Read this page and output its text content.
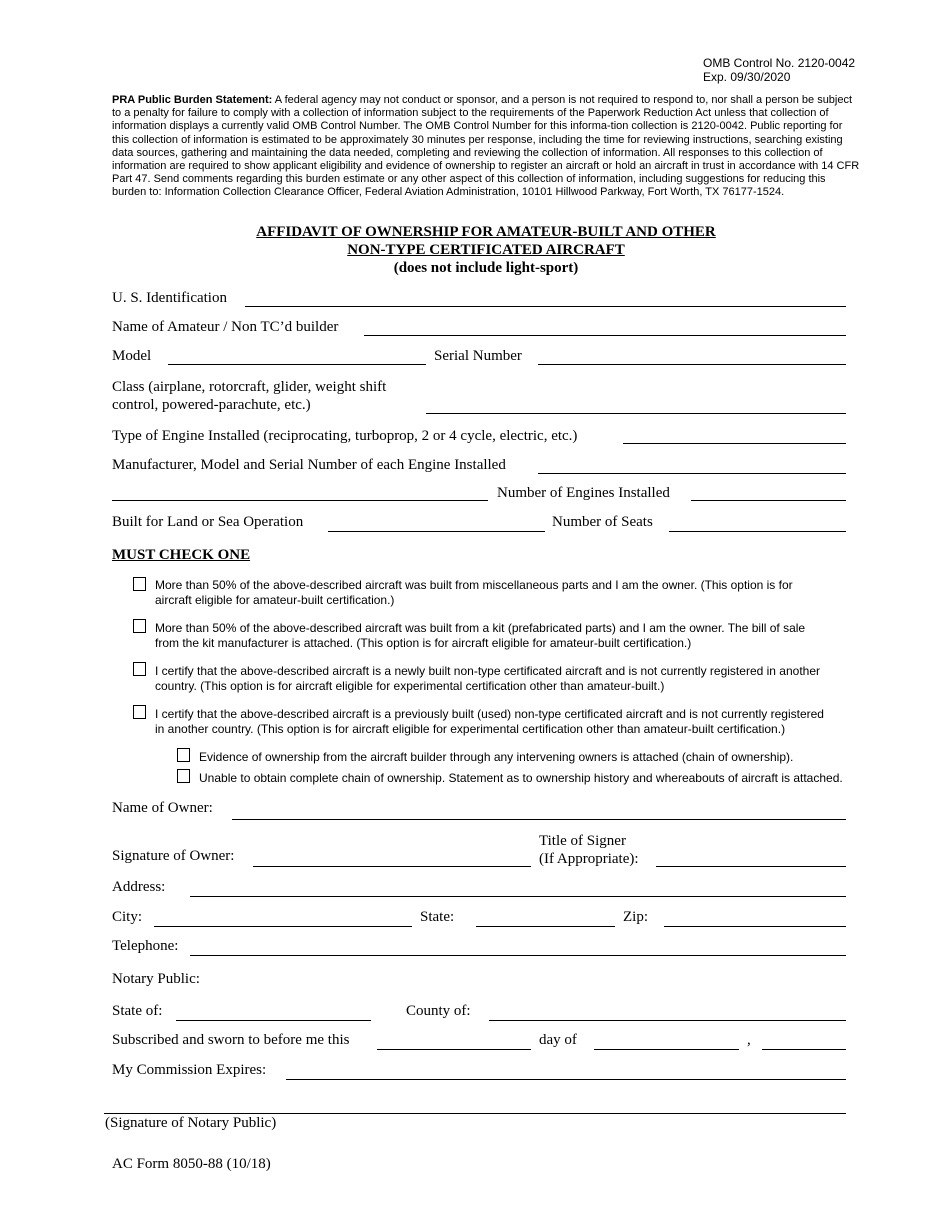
OMB Control No. 2120-0042
Exp. 09/30/2020
PRA Public Burden Statement: A federal agency may not conduct or sponsor, and a person is not required to respond to, nor shall a person be subject to a penalty for failure to comply with a collection of information subject to the requirements of the Paperwork Reduction Act unless that collection of information displays a currently valid OMB Control Number. The OMB Control Number for this informa-tion collection is 2120-0042. Public reporting for this collection of information is estimated to be approximately 30 minutes per response, including the time for reviewing instructions, searching existing data sources, gathering and maintaining the data needed, completing and reviewing the collection of information. All responses to this collection of information are required to show applicant eligibility and evidence of ownership to register an aircraft or hold an aircraft in trust in accordance with 14 CFR Part 47. Send comments regarding this burden estimate or any other aspect of this collection of information, including suggestions for reducing this burden to: Information Collection Clearance Officer, Federal Aviation Administration, 10101 Hillwood Parkway, Fort Worth, TX 76177-1524.
AFFIDAVIT OF OWNERSHIP FOR AMATEUR-BUILT AND OTHER
NON-TYPE CERTIFICATED AIRCRAFT
(does not include light-sport)
U. S. Identification
Name of Amateur / Non TC’d builder
Model	Serial Number
Class (airplane, rotorcraft, glider, weight shift
control, powered-parachute, etc.)
Type of Engine Installed (reciprocating, turboprop, 2 or 4 cycle, electric, etc.)
Manufacturer, Model and Serial Number of each Engine Installed
Number of Engines Installed
Built for Land or Sea Operation	Number of Seats
MUST CHECK ONE
More than 50% of the above-described aircraft was built from miscellaneous parts and I am the owner. (This option is for
aircraft eligible for amateur-built certification.)
More than 50% of the above-described aircraft was built from a kit (prefabricated parts) and I am the owner. The bill of sale
from the kit manufacturer is attached. (This option is for aircraft eligible for amateur-built certification.)
I certify that the above-described aircraft is a newly built non-type certificated aircraft and is not currently registered in another
country. (This option is for aircraft eligible for experimental certification other than amateur-built.)
I certify that the above-described aircraft is a previously built (used) non-type certificated aircraft and is not currently registered
in another country. (This option is for aircraft eligible for experimental certification other than amateur-built certification.)
Evidence of ownership from the aircraft builder through any intervening owners is attached (chain of ownership).
Unable to obtain complete chain of ownership. Statement as to ownership history and whereabouts of aircraft is attached.
Name of Owner:
Signature of Owner:
Title of Signer
(If Appropriate):
Address:
City:	State:	Zip:
Telephone:
Notary Public:
State of:	County of:
Subscribed and sworn to before me this	day of	,
My Commission Expires:
(Signature of Notary Public)
AC Form 8050-88 (10/18)
